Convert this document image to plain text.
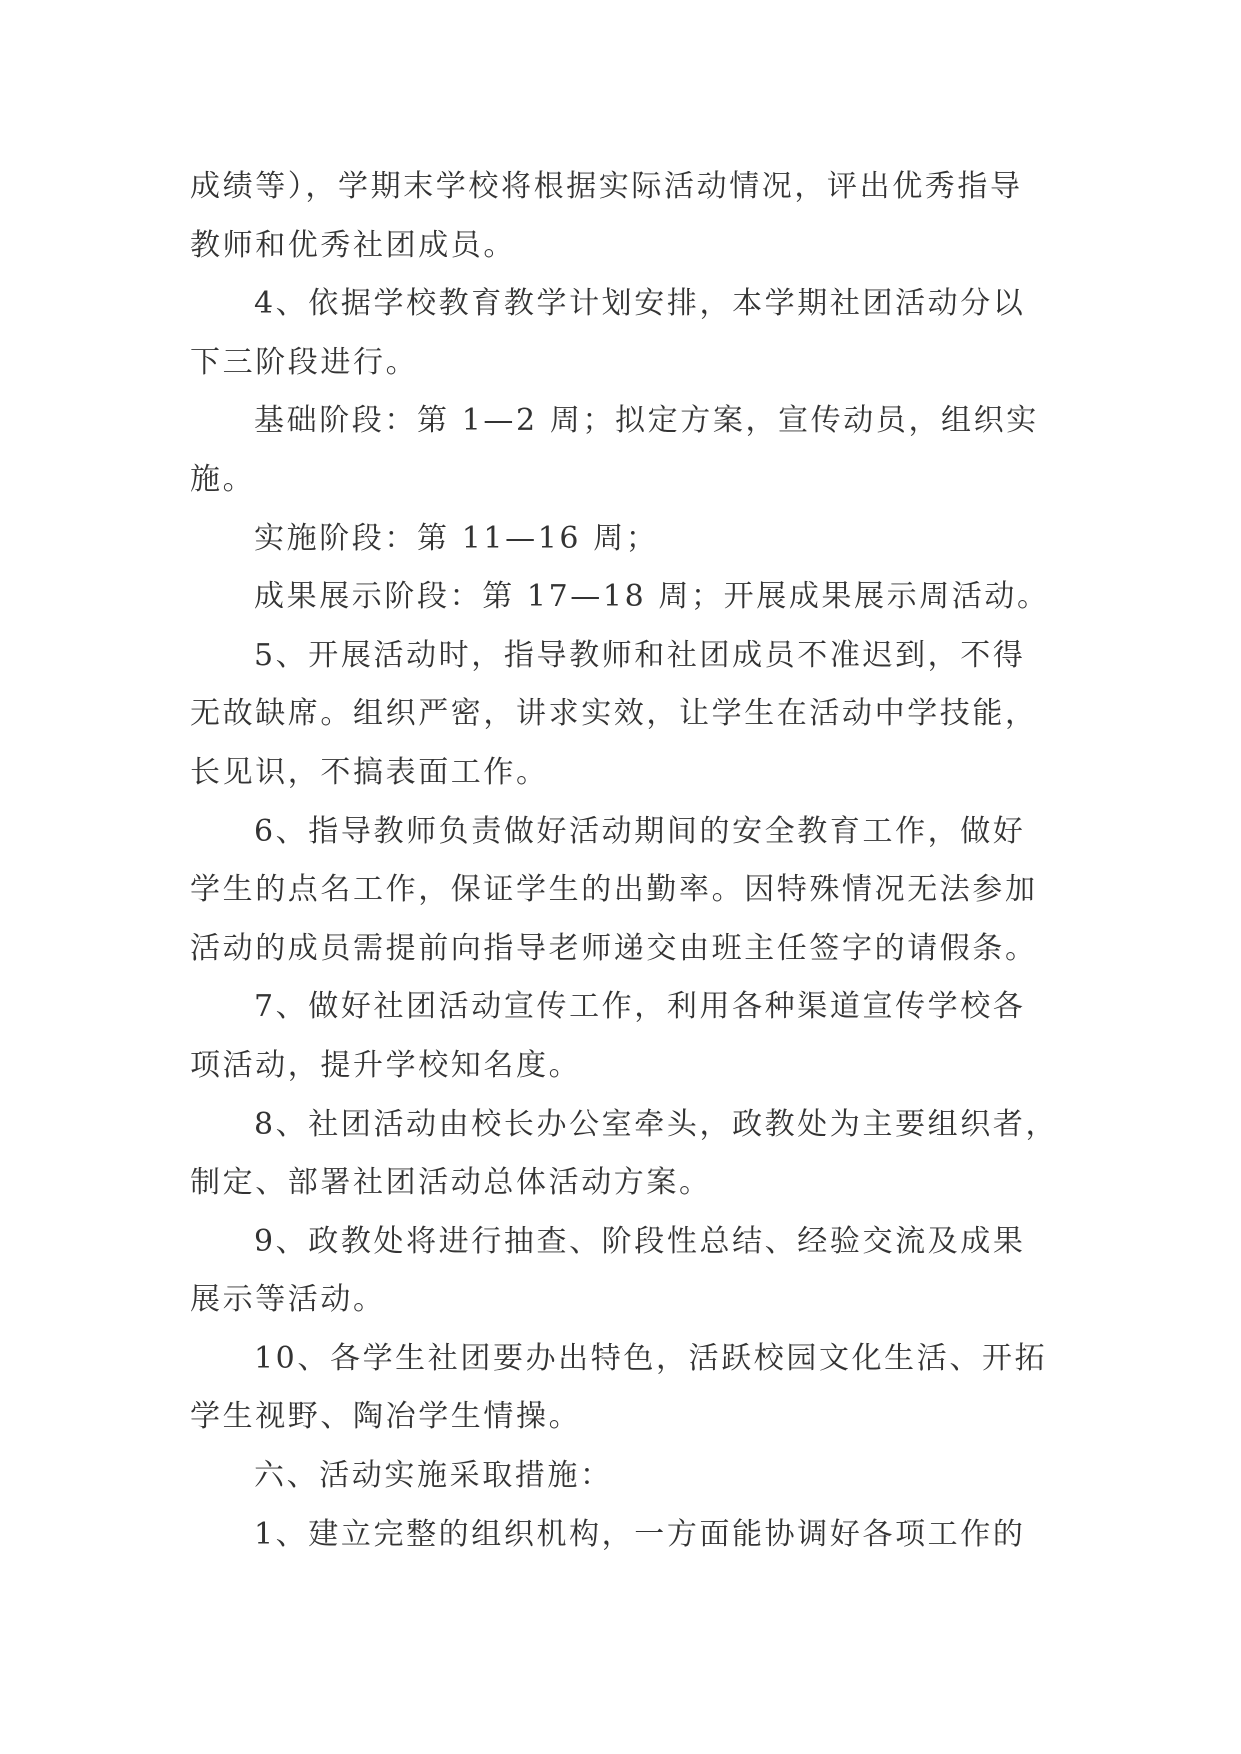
成绩等），学期末学校将根据实际活动情况，评出优秀指导
教师和优秀社团成员。
4、依据学校教育教学计划安排，本学期社团活动分以
下三阶段进行。
基础阶段：第 1—2 周；拟定方案，宣传动员，组织实
施。
实施阶段：第 11—16 周；
成果展示阶段：第 17—18 周；开展成果展示周活动。
5、开展活动时，指导教师和社团成员不准迟到，不得
无故缺席。组织严密，讲求实效，让学生在活动中学技能，
长见识，不搞表面工作。
6、指导教师负责做好活动期间的安全教育工作，做好
学生的点名工作，保证学生的出勤率。因特殊情况无法参加
活动的成员需提前向指导老师递交由班主任签字的请假条。
7、做好社团活动宣传工作，利用各种渠道宣传学校各
项活动，提升学校知名度。
8、社团活动由校长办公室牵头，政教处为主要组织者，
制定、部署社团活动总体活动方案。
9、政教处将进行抽查、阶段性总结、经验交流及成果
展示等活动。
10、各学生社团要办出特色，活跃校园文化生活、开拓
学生视野、陶冶学生情操。
六、活动实施采取措施：
1、建立完整的组织机构，一方面能协调好各项工作的
